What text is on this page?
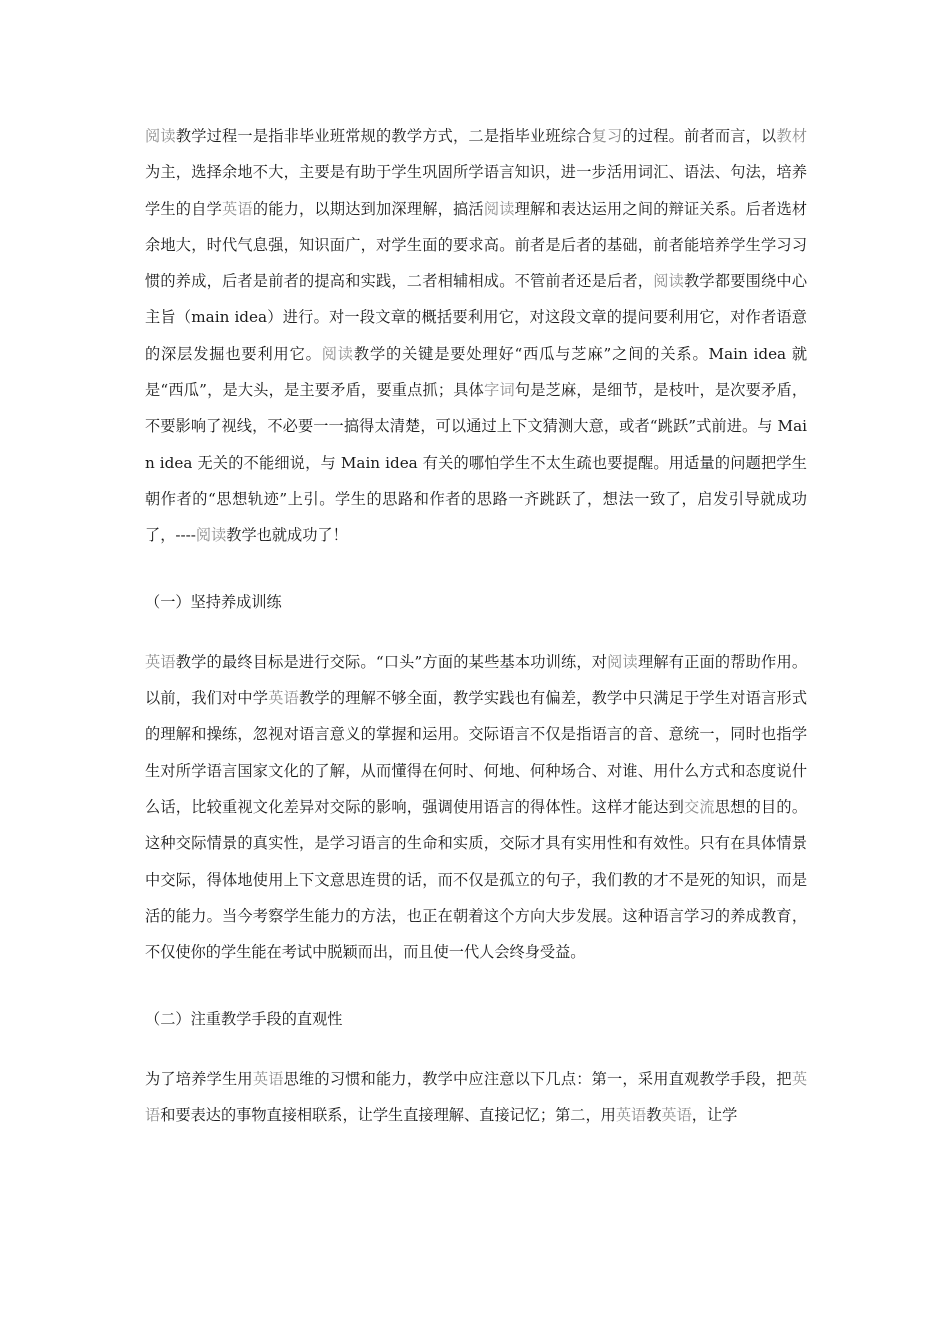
阅读教学过程一是指非毕业班常规的教学方式，二是指毕业班综合复习的过程。前者而言，以教材为主，选择余地不大，主要是有助于学生巩固所学语言知识，进一步活用词汇、语法、句法，培养学生的自学英语的能力，以期达到加深理解，搞活阅读理解和表达运用之间的辩证关系。后者选材余地大，时代气息强，知识面广，对学生面的要求高。前者是后者的基础，前者能培养学生学习习惯的养成，后者是前者的提高和实践，二者相辅相成。不管前者还是后者，阅读教学都要围绕中心主旨（main idea）进行。对一段文章的概括要利用它，对这段文章的提问要利用它，对作者语意的深层发掘也要利用它。阅读教学的关键是要处理好“西瓜与芝麻”之间的关系。Main idea 就是“西瓜”，是大头，是主要矛盾，要重点抓；具体字词句是芝麻，是细节，是枝叶，是次要矛盾，不要影响了视线，不必要一一搞得太清楚，可以通过上下文猜测大意，或者“跳跃”式前进。与 Main idea 无关的不能细说，与 Main idea 有关的哪怕学生不太生疏也要提醒。用适量的问题把学生朝作者的“思想轨迹”上引。学生的思路和作者的思路一齐跳跃了，想法一致了，启发引导就成功了，----阅读教学也就成功了！

（一）坚持养成训练

英语教学的最终目标是进行交际。“口头”方面的某些基本功训练，对阅读理解有正面的帮助作用。以前，我们对中学英语教学的理解不够全面，教学实践也有偏差，教学中只满足于学生对语言形式的理解和操练，忽视对语言意义的掌握和运用。交际语言不仅是指语言的音、意统一，同时也指学生对所学语言国家文化的了解，从而懂得在何时、何地、何种场合、对谁、用什么方式和态度说什么话，比较重视文化差异对交际的影响，强调使用语言的得体性。这样才能达到交流思想的目的。这种交际情景的真实性，是学习语言的生命和实质，交际才具有实用性和有效性。只有在具体情景中交际，得体地使用上下文意思连贯的话，而不仅是孤立的句子，我们教的才不是死的知识，而是活的能力。当今考察学生能力的方法，也正在朝着这个方向大步发展。这种语言学习的养成教育，不仅使你的学生能在考试中脱颖而出，而且使一代人会终身受益。

（二）注重教学手段的直观性

为了培养学生用英语思维的习惯和能力，教学中应注意以下几点：第一，采用直观教学手段，把英语和要表达的事物直接相联系，让学生直接理解、直接记忆；第二，用英语教英语，让学
